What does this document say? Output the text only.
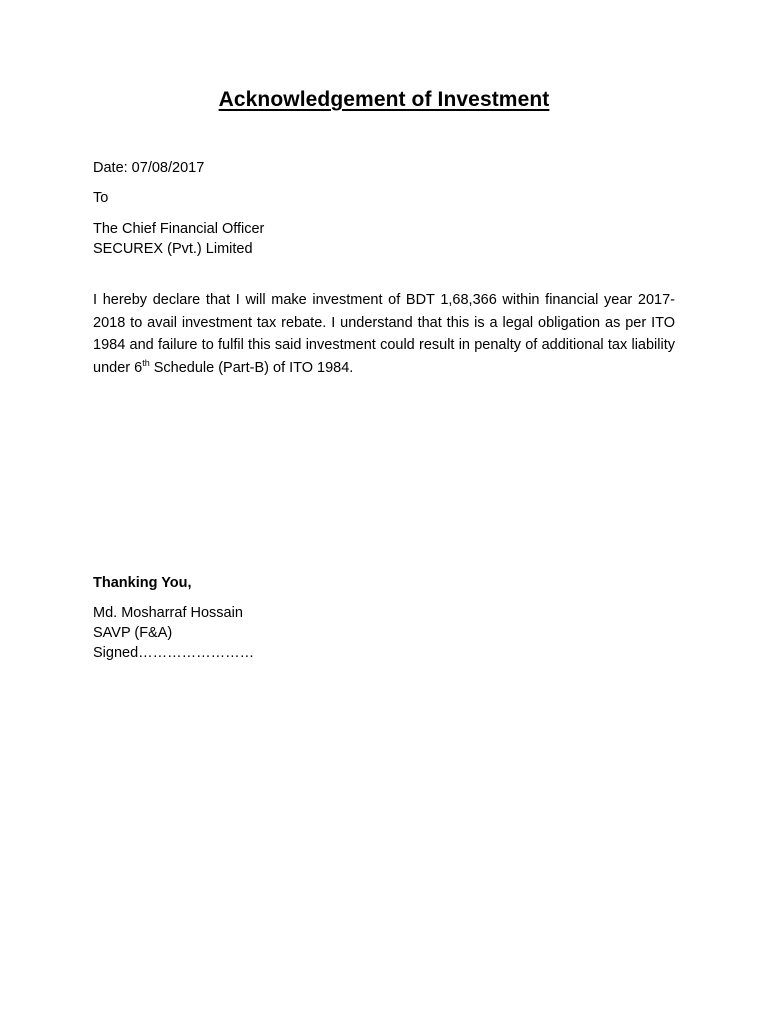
Acknowledgement of Investment
Date: 07/08/2017
To
The Chief Financial Officer
SECUREX (Pvt.) Limited
I hereby declare that I will make investment of BDT 1,68,366 within financial year 2017-2018 to avail investment tax rebate. I understand that this is a legal obligation as per ITO 1984 and failure to fulfil this said investment could result in penalty of additional tax liability under 6th Schedule (Part-B) of ITO 1984.
Thanking You,
Md. Mosharraf Hossain
SAVP (F&A)
Signed……………………
